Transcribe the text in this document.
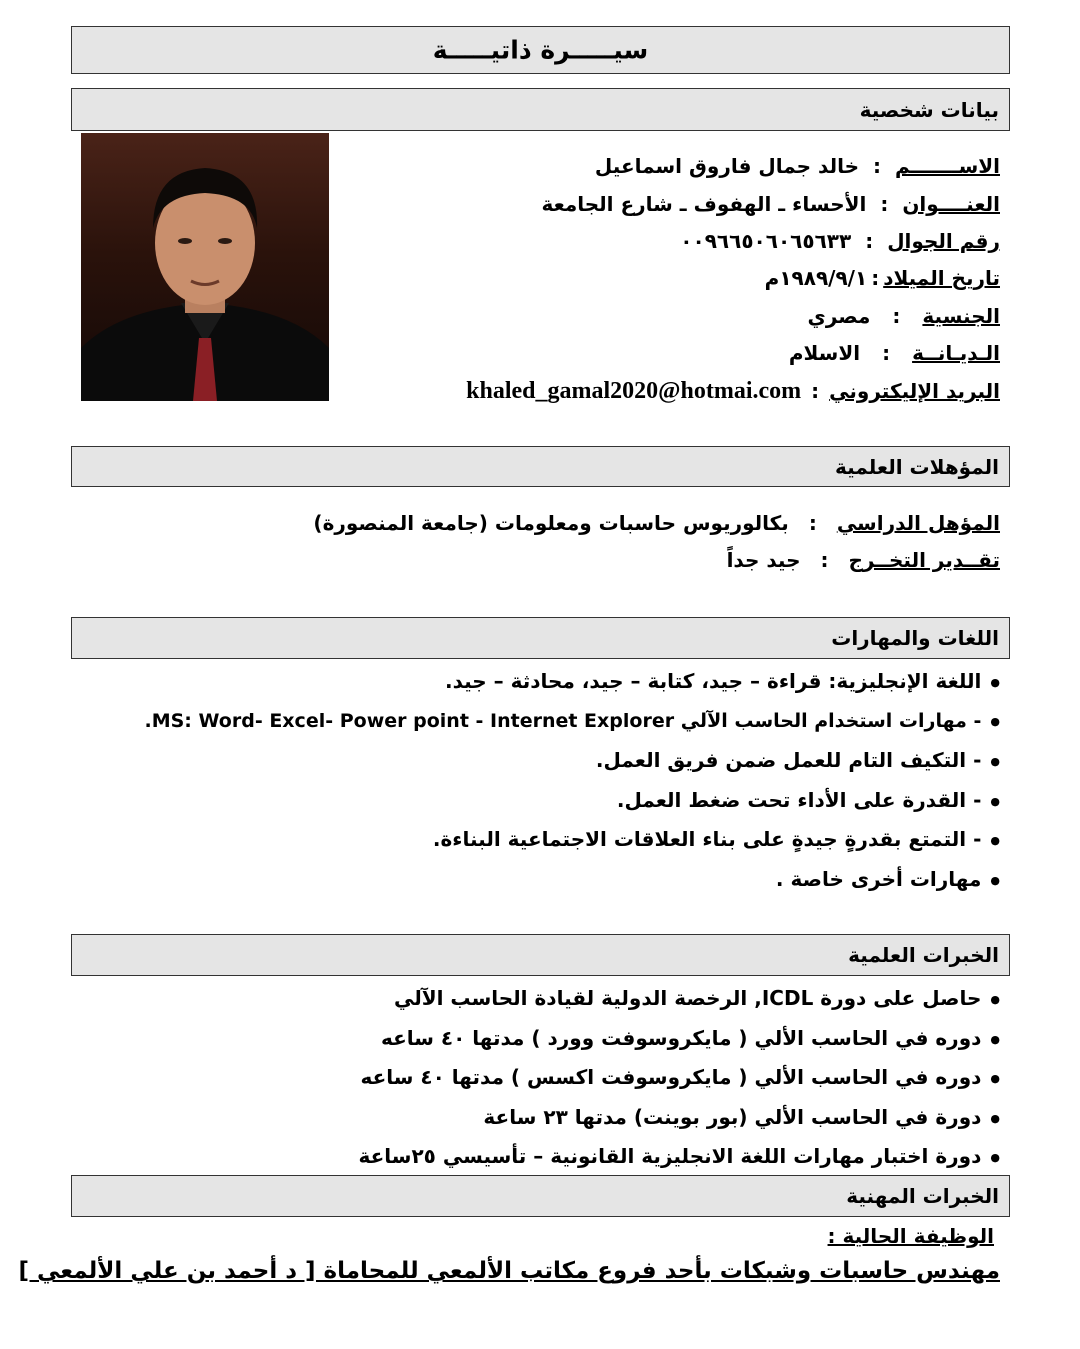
سيـــــرة ذاتيـــــة
بيانات شخصية
الاســـــــم:خالد جمال فاروق اسماعيل
العنــــوان:الأحساء ـ الهفوف ـ شارع الجامعة
رقم الجوال:٠٠٩٦٦٥٠٦٠٦٥٦٣٣
تاريخ الميلاد:١٩٨٩/٩/١م
الجنسية:مصري
الـديـانــة:الاسلام
البريد الإليكتروني:khaled_gamal2020@hotmai.com
المؤهلات العلمية
المؤهل الدراسي:بكالوريوس حاسبات ومعلومات (جامعة المنصورة)
تقــدير التخــرج:جيد جداً
اللغات والمهارات
● اللغة الإنجليزية: قراءة – جيد، كتابة – جيد، محادثة – جيد.
● - مهارات استخدام الحاسب الآلي MS: Word- Excel- Power point - Internet Explorer.
● - التكيف التام للعمل ضمن فريق العمل.
● - القدرة على الأداء تحت ضغط العمل.
● - التمتع بقدرةٍ جيدةٍ على بناء العلاقات الاجتماعية البناءة.
● مهارات أخرى خاصة .
الخبرات العلمية
● حاصل على دورة ICDL, الرخصة الدولية لقيادة الحاسب الآلي
● دوره في الحاسب الألي ( مايكروسوفت وورد ) مدتها ٤٠ ساعه
● دوره في الحاسب الألي ( مايكروسوفت اكسس ) مدتها ٤٠ ساعه
● دورة في الحاسب الألي (بور بوينت) مدتها ٢٣ ساعة
● دورة اختبار مهارات اللغة الانجليزية القانونية – تأسيسي ٢٥ساعة
الخبرات المهنية
الوظيفة الحالية :
مهندس حاسبات وشبكات بأحد فروع مكاتب الألمعي للمحاماة [ د أحمد بن علي الألمعي ]
